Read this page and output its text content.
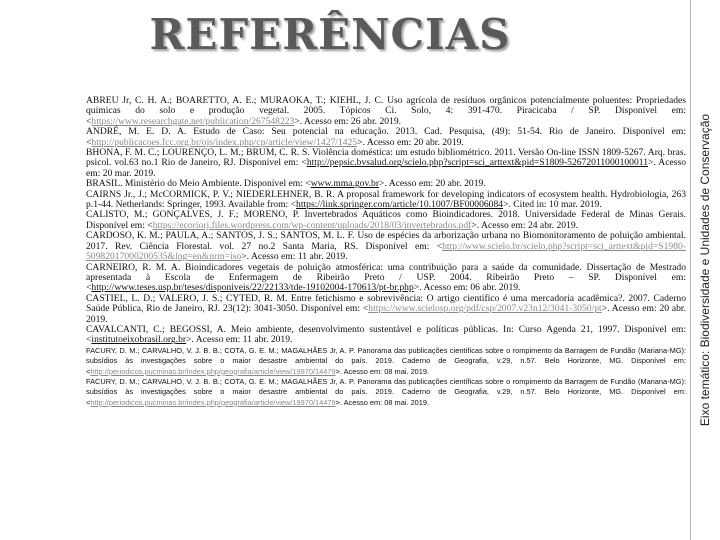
REFERÊNCIAS
Eixo temático: Biodiversidade e Unidades de Conservação

ABREU Jr, C. H. A.; BOARETTO, A. E.; MURAOKA, T.; KIEHL, J. C. Uso agrícola de resíduos orgânicos potencialmente poluentes: Propriedades químicas do solo e produção vegetal. 2005. Tópicos Ci. Solo, 4: 391-470. Piracicaba / SP. Disponível em: <https://www.researchgate.net/publication/267548223>. Acesso em: 26 abr. 2019.

ANDRÉ, M. E. D. A. Estudo de Caso: Seu potencial na educação. 2013. Cad. Pesquisa, (49): 51-54. Rio de Janeiro. Disponível em: <http://publicacoes.fcc.org.br/ojs/index.php/cp/article/view/1427/1425>. Acesso em: 20 abr. 2019.

BHONA, F. M. C.; LOURENÇO, L. M.; BRUM, C. R. S. Violência doméstica: um estudo bibliométrico. 2011. Versão On-line ISSN 1809-5267. Arq. bras. psicol. vol.63 no.1 Rio de Janeiro, RJ. Disponível em: <http://pepsic.bvsalud.org/scielo.php?script=sci_arttext&pid=S1809-52672011000100011>. Acesso em: 20 mar. 2019.

BRASIL. Ministério do Meio Ambiente. Disponível em: <www.mma.gov.br>. Acesso em: 20 abr. 2019.

CAIRNS Jr., J.; McCORMICK, P. V.; NIEDERLEHNER, B. R. A proposal framework for developing indicators of ecosystem health. Hydrobiologia, 263 p.1-44. Netherlands: Springer, 1993. Available from: <https://link.springer.com/article/10.1007/BF00006084>. Cited in: 10 mar. 2019.

CALISTO, M.; GONÇALVES, J. F.; MORENO, P. Invertebrados Aquáticos como Bioindicadores. 2018. Universidade Federal de Minas Gerais. Disponível em: <https://ecoriorj.files.wordpress.com/wp-content/uploads/2018/03/invertebrados.pdf>. Acesso em: 24 abr. 2019.

CARDOSO, K. M.; PAULA, A.; SANTOS, J. S.; SANTOS, M. L. F. Uso de espécies da arborização urbana no Biomonitoramento de poluição ambiental. 2017. Rev. Ciência Florestal. vol. 27 no.2 Santa Maria, RS. Disponível em: <http://www.scielo.br/scielo.php?script=sci_arttext&pid=S1980-50982017000200535&lng=en&nrm=iso>. Acesso em: 11 abr. 2019.

CARNEIRO, R. M. A. Bioindicadores vegetais de poluição atmosférica: uma contribuição para a saúde da comunidade. Dissertação de Mestrado apresentada à Escola de Enfermagem de Ribeirão Preto / USP. 2004. Ribeirão Preto – SP. Disponível em: <http://www.teses.usp.br/teses/disponiveis/22/22133/tde-19102004-170613/pt-br.php>. Acesso em: 06 abr. 2019.

CASTIEL, L. D.; VALERO, J. S.; CYTED, R. M. Entre fetichismo e sobrevivência: O artigo científico é uma mercadoria acadêmica?. 2007. Caderno Saúde Pública, Rio de Janeiro, RJ. 23(12): 3041-3050. Disponível em: <https://www.scielosp.org/pdf/csp/2007.v23n12/3041-3050/pt>. Acesso em: 20 abr. 2019.

CAVALCANTI, C.; BEGOSSI, A. Meio ambiente, desenvolvimento sustentável e políticas públicas. In: Curso Agenda 21, 1997. Disponível em: <institutoeixobrasil.org.br>. Acesso em: 11 abr. 2019.

FACURY, D. M.; CARVALHO, V. J. B. B.; COTA, G. E. M.; MAGALHÃES Jr, A. P. Panorama das publicações científicas sobre o rompimento da Barragem de Fundão (Mariana-MG): subsídios às investigações sobre o maior desastre ambiental do país. 2019. Caderno de Geografia, v.29, n.57. Belo Horizonte, MG. Disponível em: <http://periodicos.pucminas.br/index.php/geografia/article/view/19970/14479>. Acesso em: 08 mai. 2019.

FACURY, D. M.; CARVALHO, V. J. B. B.; COTA, G. E. M.; MAGALHÃES Jr, A. P. Panorama das publicações científicas sobre o rompimento da Barragem de Fundão (Mariana-MG): subsídios às investigações sobre o maior desastre ambiental do país. 2019. Caderno de Geografia, v.29, n.57. Belo Horizonte, MG. Disponível em: <http://periodicos.pucminas.br/index.php/geografia/article/view/19970/14479>. Acesso em: 08 mai. 2019.
